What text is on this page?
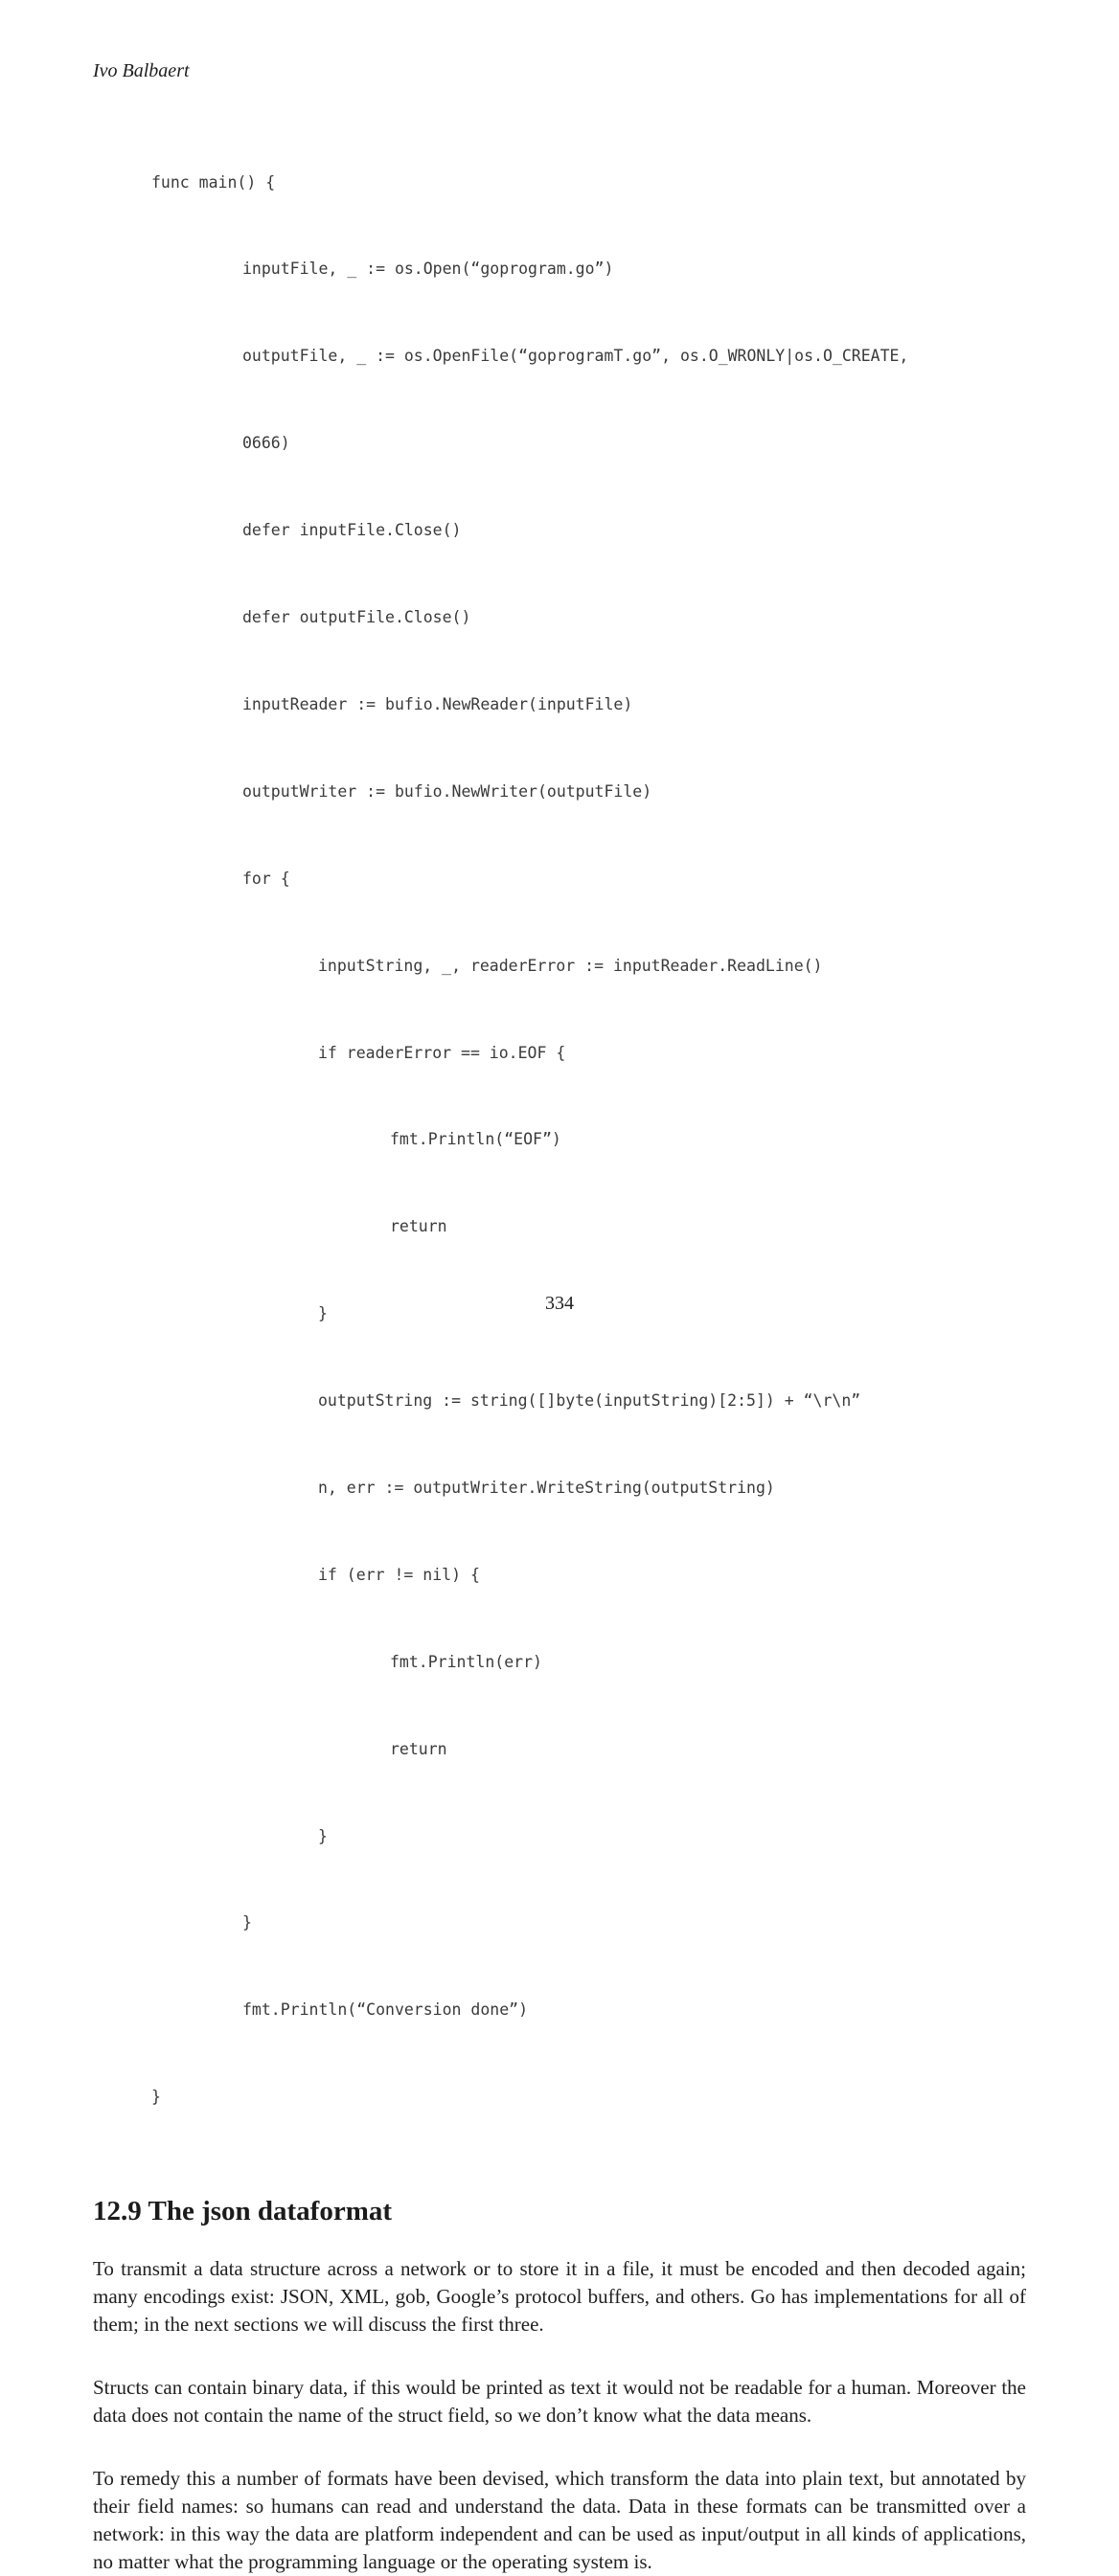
Ivo Balbaert

func main() {

inputFile, _ := os.Open(“goprogram.go”)

outputFile, _ := os.OpenFile(“goprogramT.go”, os.O_WRONLY|os.O_CREATE,

0666)

defer inputFile.Close()

defer outputFile.Close()

inputReader := bufio.NewReader(inputFile)

outputWriter := bufio.NewWriter(outputFile)

for {

inputString, _, readerError := inputReader.ReadLine()

if readerError == io.EOF {

fmt.Println(“EOF”)

return

}

outputString := string([]byte(inputString)[2:5]) + “\r\n”

n, err := outputWriter.WriteString(outputString)

if (err != nil) {

fmt.Println(err)

return

}

}

fmt.Println(“Conversion done”)

}

12.9 The json dataformat

To transmit a data structure across a network or to store it in a file, it must be encoded and then decoded again; many encodings exist: JSON, XML, gob, Google’s protocol buffers, and others. Go has implementations for all of them; in the next sections we will discuss the first three.

Structs can contain binary data, if this would be printed as text it would not be readable for a human. Moreover the data does not contain the name of the struct field, so we don’t know what the data means.

To remedy this a number of formats have been devised, which transform the data into plain text, but annotated by their field names: so humans can read and understand the data. Data in these formats can be transmitted over a network: in this way the data are platform independent and can be used as input/output in all kinds of applications, no matter what the programming language or the operating system is.

334
